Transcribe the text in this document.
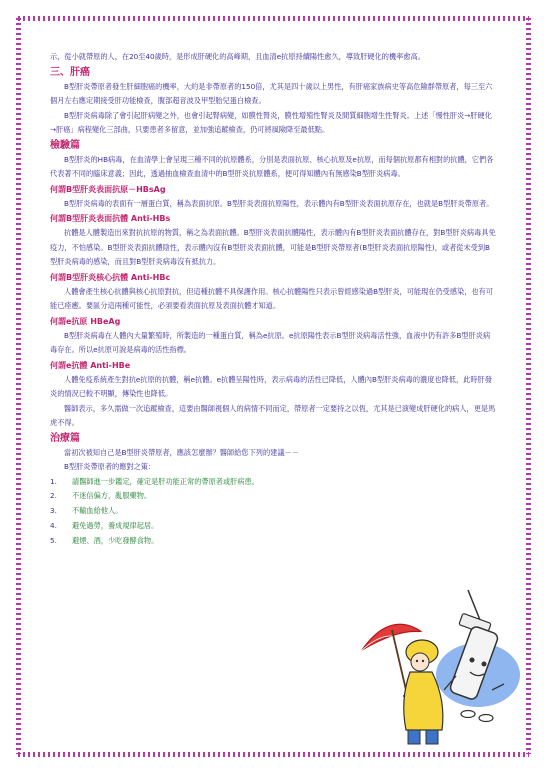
示，從小就帶原的人，在20至40歲時，是形成肝硬化的高峰期，且血清e抗原持續陽性愈久，導致肝硬化的機率愈高。

三、肝癌

B型肝炎帶原者發生肝細胞癌的機率，大約是非帶原者的150倍，尤其是四十歲以上男性，有肝癌家族病史等高危險群帶原者，每三至六個月左右應定期接受肝功能檢查，腹部超音波及甲型胎兒蛋白檢查。

B型肝炎病毒除了會引起肝病變之外，也會引起腎病變，如膜性腎炎，膜性增殖性腎炎及間質細胞增生性腎炎。上述「慢性肝炎→肝硬化→肝癌」病程變化三部曲，只要患者多留意，並加強追蹤檢查，仍可將風險降至最低點。

檢驗篇

B型肝炎的HB病毒，在血清學上會呈現三種不同的抗原體系，分別是表面抗原、核心抗原及e抗原，而每個抗原都有相對的抗體，它們各代表著不同的臨床意義；因此，透過抽血檢查血清中的B型肝炎抗原體系，便可得知體內有無感染B型肝炎病毒。

何謂B型肝炎表面抗原－HBsAg

B型肝炎病毒的表面有一層蛋白質，稱為表面抗原。B型肝炎表面抗原陽性，表示體內有B型肝炎表面抗原存在，也就是B型肝炎帶原者。

何謂B型肝炎表面抗體 Anti-HBs

抗體是人體製造出來對抗抗原的物質，稱之為表面抗體。B型肝炎表面抗體陽性，表示體內有B型肝炎表面抗體存在，對B型肝炎病毒具免疫力，不怕感染。B型肝炎表面抗體陰性，表示體內沒有B型肝炎表面抗體，可能是B型肝炎帶原者(B型肝炎表面抗原陽性)，或者從未受到B型肝炎病毒的感染，而且對B型肝炎病毒沒有抵抗力。

何謂B型肝炎核心抗體 Anti-HBc

人體會產生核心抗體與核心抗原對抗，但這種抗體不具保護作用。核心抗體陽性只表示曾經感染過B型肝炎，可能現在仍受感染，也有可能已痊癒。要區分這兩種可能性，必須要看表面抗原及表面抗體才知道。

何謂e抗原 HBeAg

B型肝炎病毒在人體內大量繁殖時，所製造的一種蛋白質，稱為e抗原。e抗原陽性表示B型肝炎病毒活性強，血液中仍有許多B型肝炎病毒存在。所以e抗原可說是病毒的活性指標。

何謂e抗體 Anti-HBe

人體免疫系統產生對抗e抗原的抗體，稱e抗體。e抗體呈陽性時，表示病毒的活性已降低，人體內B型肝炎病毒的濃度也降低，此時肝發炎的情況已較不明顯，傳染性也降低。

醫師表示，多久需做一次追蹤檢查，這要由醫師視個人的病情不同而定，帶原者一定要持之以恆，尤其是已演變成肝硬化的病人，更是馬虎不得。

治療篇

當初次被知自己是B型肝炎帶原者，應該怎麼辦？醫師給您下列的建議－－

B型肝炎帶原者的應對之策：

1. 請醫師進一步鑑定，確定是肝功能正常的帶原者或肝病患。
2. 不迷信偏方，亂服藥物。
3. 不輸血給他人。
4. 避免過勞，養成規律起居。
5. 避煙、酒，少吃發酵食物。
